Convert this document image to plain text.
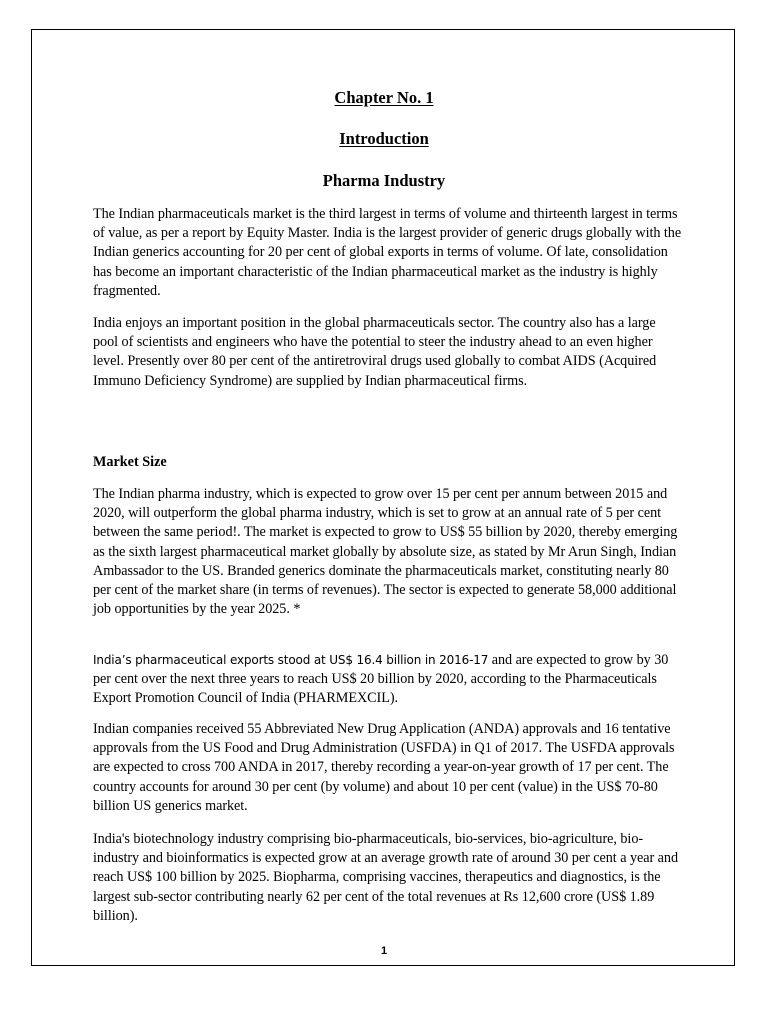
Chapter No. 1
Introduction
Pharma Industry

The Indian pharmaceuticals market is the third largest in terms of volume and thirteenth largest in terms of value, as per a report by Equity Master. India is the largest provider of generic drugs globally with the Indian generics accounting for 20 per cent of global exports in terms of volume. Of late, consolidation has become an important characteristic of the Indian pharmaceutical market as the industry is highly fragmented.

India enjoys an important position in the global pharmaceuticals sector. The country also has a large pool of scientists and engineers who have the potential to steer the industry ahead to an even higher level. Presently over 80 per cent of the antiretroviral drugs used globally to combat AIDS (Acquired Immuno Deficiency Syndrome) are supplied by Indian pharmaceutical firms.

Market Size

The Indian pharma industry, which is expected to grow over 15 per cent per annum between 2015 and 2020, will outperform the global pharma industry, which is set to grow at an annual rate of 5 per cent between the same period!. The market is expected to grow to US$ 55 billion by 2020, thereby emerging as the sixth largest pharmaceutical market globally by absolute size, as stated by Mr Arun Singh, Indian Ambassador to the US. Branded generics dominate the pharmaceuticals market, constituting nearly 80 per cent of the market share (in terms of revenues). The sector is expected to generate 58,000 additional job opportunities by the year 2025. *

India’s pharmaceutical exports stood at US$ 16.4 billion in 2016-17 and are expected to grow by 30 per cent over the next three years to reach US$ 20 billion by 2020, according to the Pharmaceuticals Export Promotion Council of India (PHARMEXCIL).

Indian companies received 55 Abbreviated New Drug Application (ANDA) approvals and 16 tentative approvals from the US Food and Drug Administration (USFDA) in Q1 of 2017. The USFDA approvals are expected to cross 700 ANDA in 2017, thereby recording a year-on-year growth of 17 per cent. The country accounts for around 30 per cent (by volume) and about 10 per cent (value) in the US$ 70-80 billion US generics market.

India's biotechnology industry comprising bio-pharmaceuticals, bio-services, bio-agriculture, bio-industry and bioinformatics is expected grow at an average growth rate of around 30 per cent a year and reach US$ 100 billion by 2025. Biopharma, comprising vaccines, therapeutics and diagnostics, is the largest sub-sector contributing nearly 62 per cent of the total revenues at Rs 12,600 crore (US$ 1.89 billion).

1
